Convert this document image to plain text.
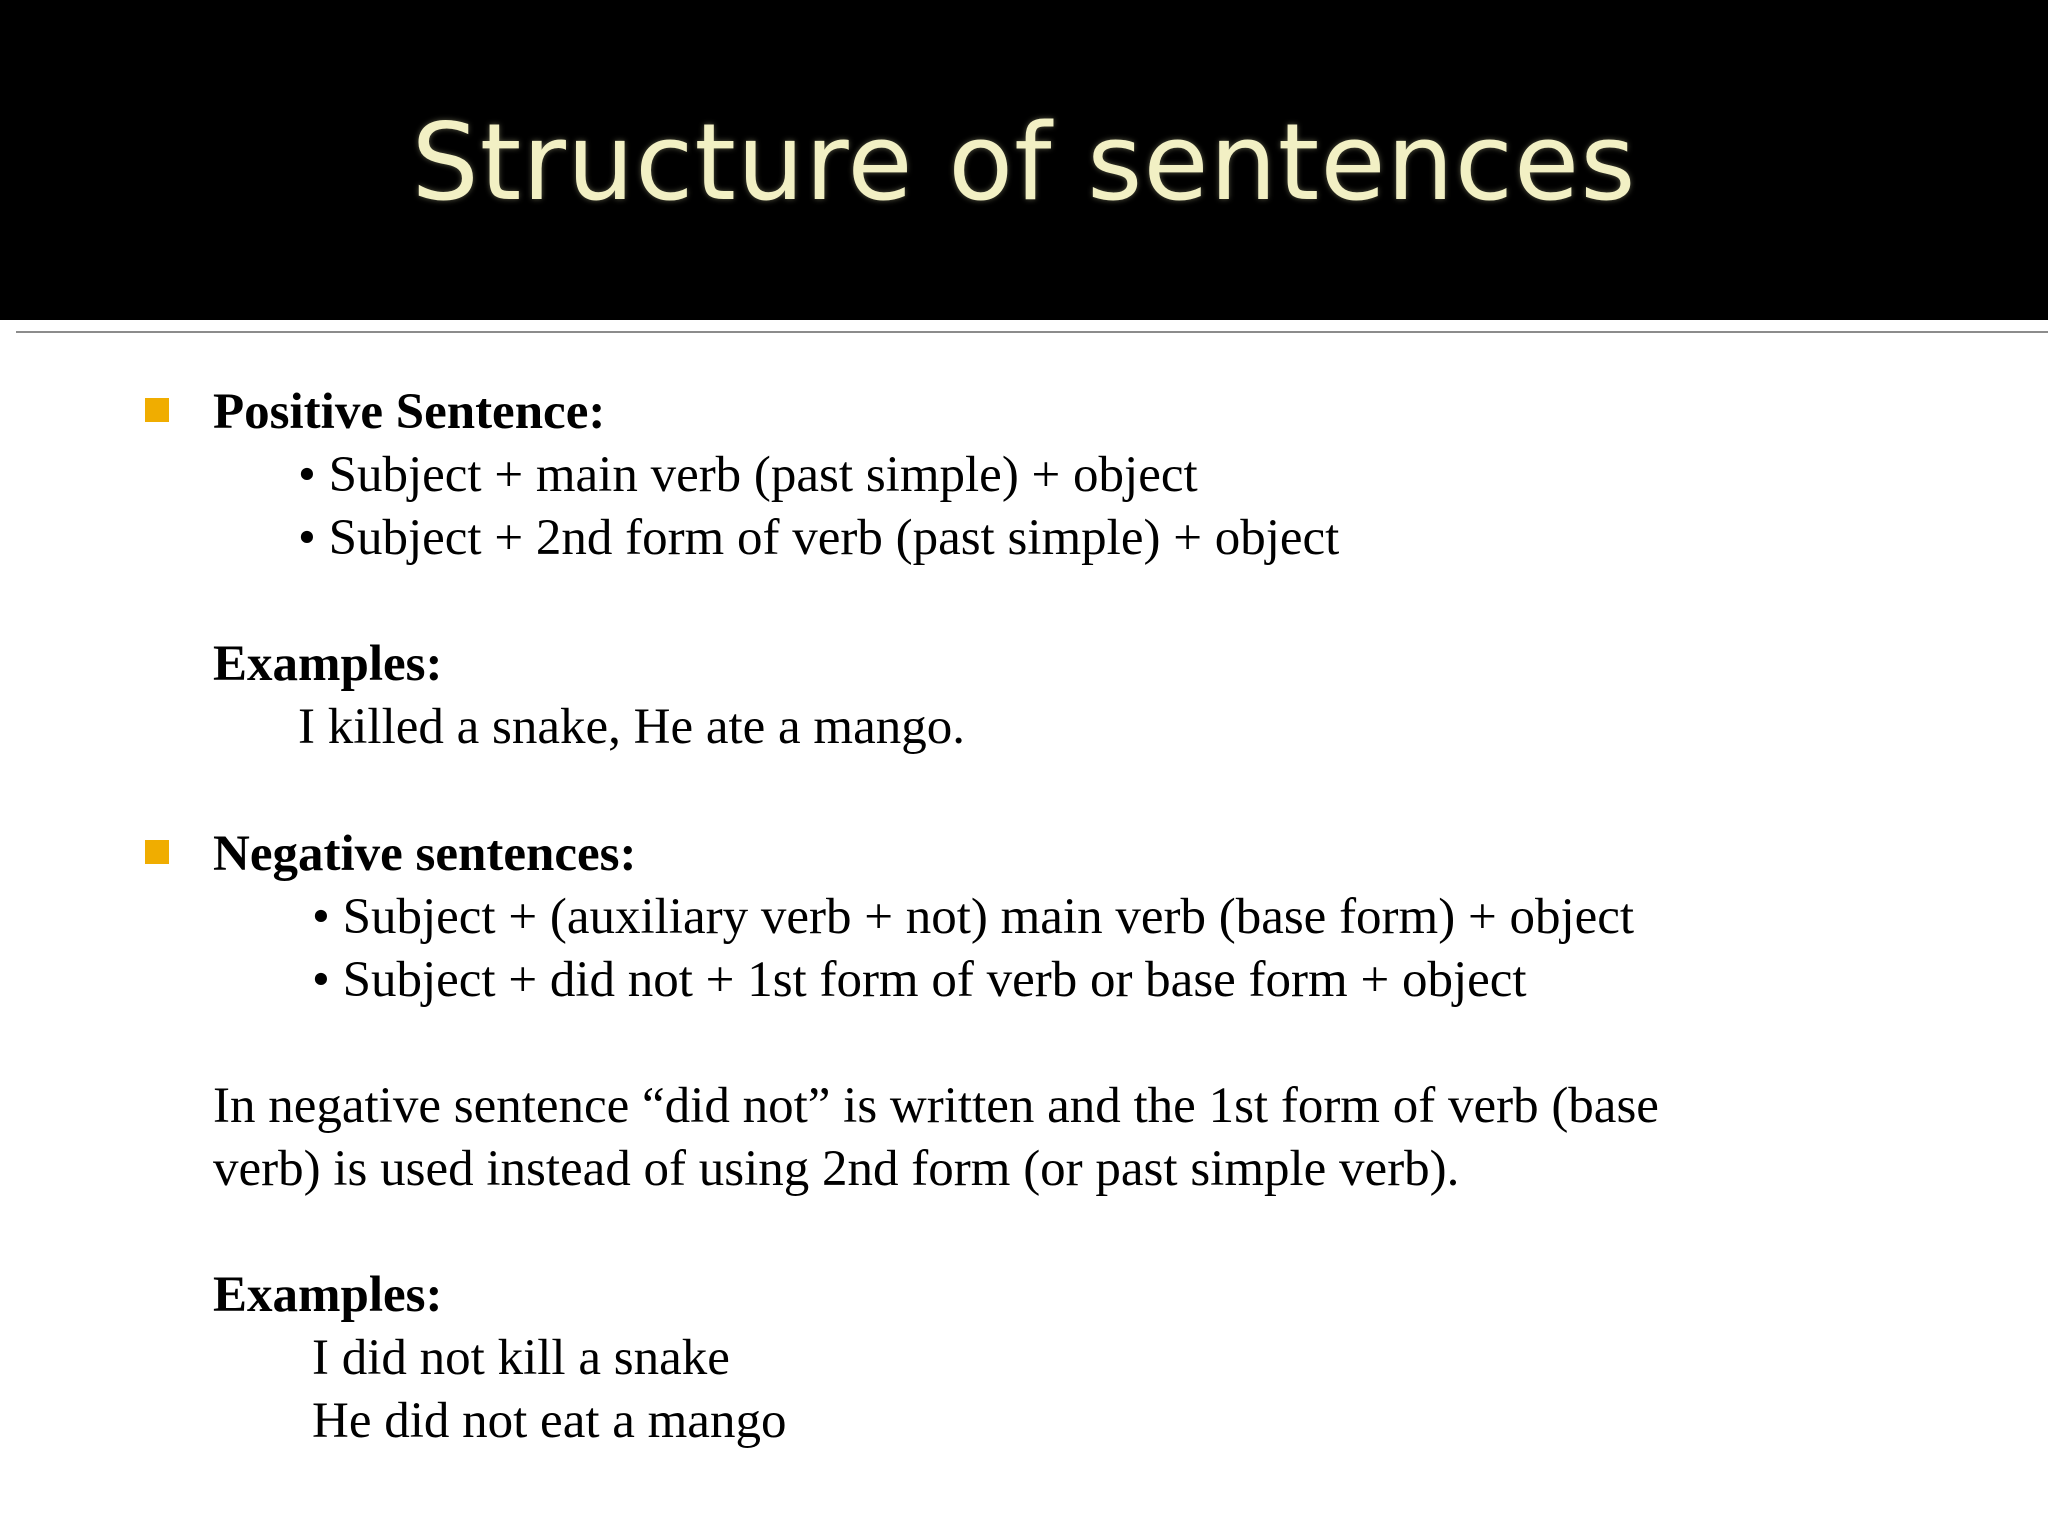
Structure of sentences
Positive Sentence:
• Subject + main verb (past simple) + object
• Subject + 2nd form of verb (past simple) + object
Examples:
I killed a snake, He ate a mango.
Negative sentences:
• Subject + (auxiliary verb + not) main verb (base form) + object
• Subject + did not + 1st form of verb or base form + object
In negative sentence “did not” is written and the 1st form of verb (base
verb) is used instead of using 2nd form (or past simple verb).
Examples:
I did not kill a snake
He did not eat a mango
